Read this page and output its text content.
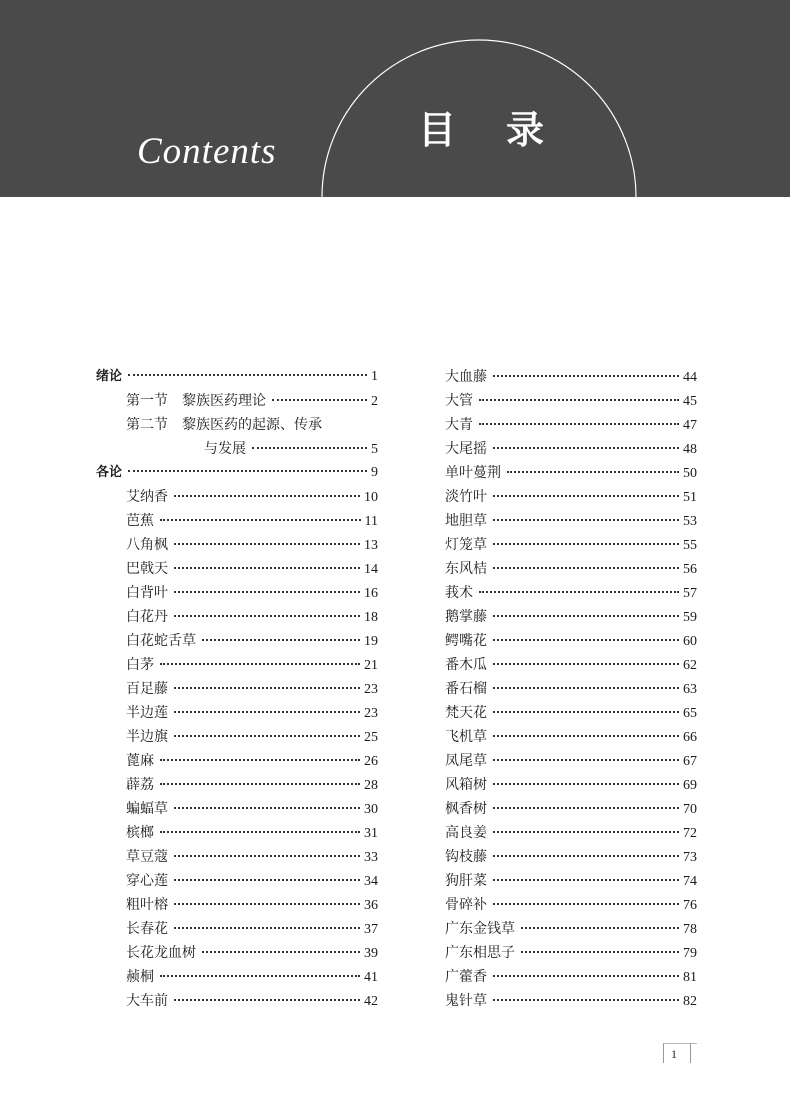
Contents	目录
绪论	1
第一节　黎族医药理论	2
第二节　黎族医药的起源、传承
与发展	5
各论	9
艾纳香	10
芭蕉	11
八角枫	13
巴戟天	14
白背叶	16
白花丹	18
白花蛇舌草	19
白茅	21
百足藤	23
半边莲	23
半边旗	25
蓖麻	26
薜荔	28
蝙蝠草	30
槟榔	31
草豆蔻	33
穿心莲	34
粗叶榕	36
长春花	37
长花龙血树	39
赪桐	41
大车前	42
大血藤	44
大管	45
大青	47
大尾摇	48
单叶蔓荆	50
淡竹叶	51
地胆草	53
灯笼草	55
东风桔	56
莪术	57
鹅掌藤	59
鳄嘴花	60
番木瓜	62
番石榴	63
梵天花	65
飞机草	66
凤尾草	67
风箱树	69
枫香树	70
高良姜	72
钩枝藤	73
狗肝菜	74
骨碎补	76
广东金钱草	78
广东相思子	79
广藿香	81
鬼针草	82
1
